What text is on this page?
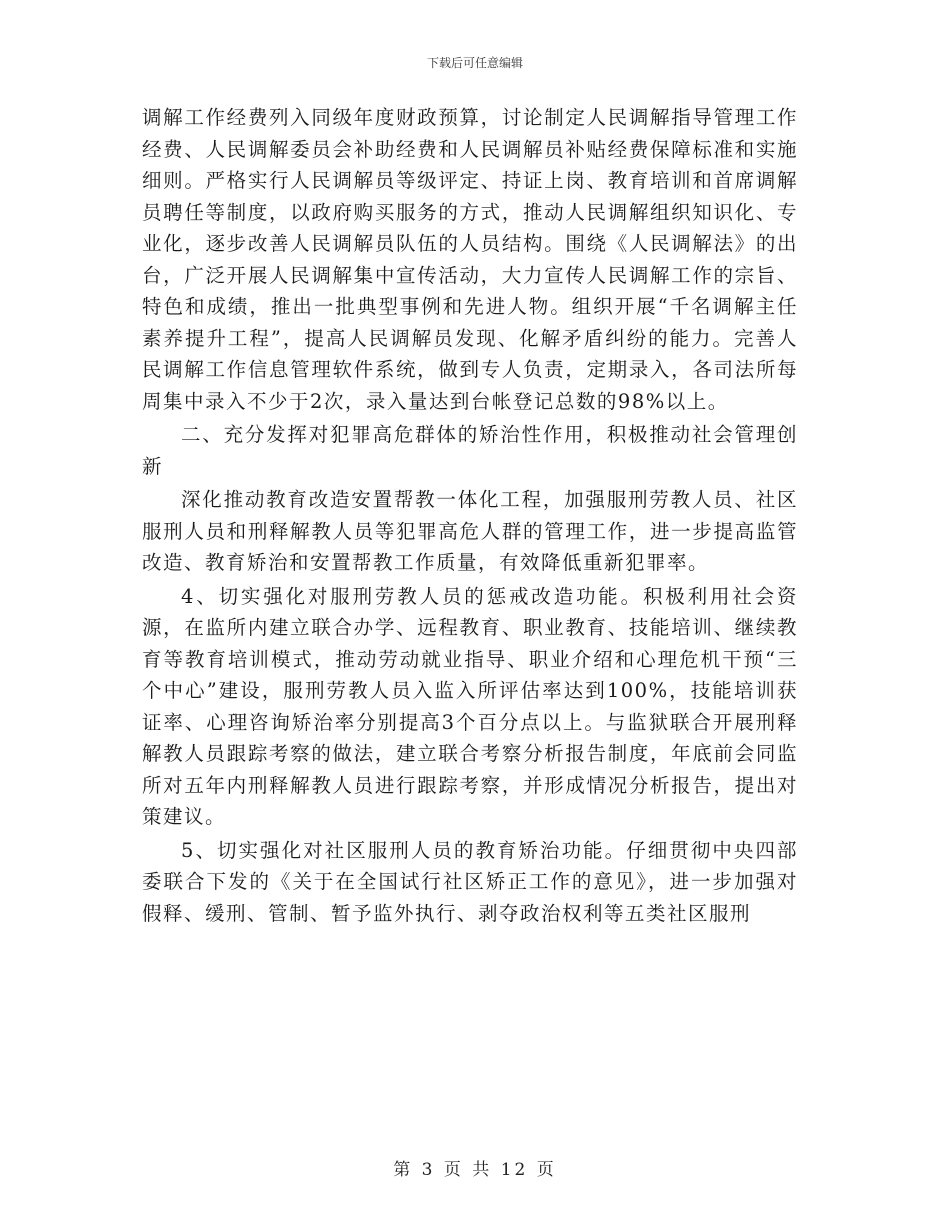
下载后可任意编辑

调解工作经费列入同级年度财政预算，讨论制定人民调解指导管理工作经费、人民调解委员会补助经费和人民调解员补贴经费保障标准和实施细则。严格实行人民调解员等级评定、持证上岗、教育培训和首席调解员聘任等制度，以政府购买服务的方式，推动人民调解组织知识化、专业化，逐步改善人民调解员队伍的人员结构。围绕《人民调解法》的出台，广泛开展人民调解集中宣传活动，大力宣传人民调解工作的宗旨、特色和成绩，推出一批典型事例和先进人物。组织开展“千名调解主任素养提升工程”，提高人民调解员发现、化解矛盾纠纷的能力。完善人民调解工作信息管理软件系统，做到专人负责，定期录入，各司法所每周集中录入不少于2次，录入量达到台帐登记总数的98%以上。

二、充分发挥对犯罪高危群体的矫治性作用，积极推动社会管理创新

深化推动教育改造安置帮教一体化工程，加强服刑劳教人员、社区服刑人员和刑释解教人员等犯罪高危人群的管理工作，进一步提高监管改造、教育矫治和安置帮教工作质量，有效降低重新犯罪率。

4、切实强化对服刑劳教人员的惩戒改造功能。积极利用社会资源，在监所内建立联合办学、远程教育、职业教育、技能培训、继续教育等教育培训模式，推动劳动就业指导、职业介绍和心理危机干预“三个中心”建设，服刑劳教人员入监入所评估率达到100%，技能培训获证率、心理咨询矫治率分别提高3个百分点以上。与监狱联合开展刑释解教人员跟踪考察的做法，建立联合考察分析报告制度，年底前会同监所对五年内刑释解教人员进行跟踪考察，并形成情况分析报告，提出对策建议。

5、切实强化对社区服刑人员的教育矫治功能。仔细贯彻中央四部委联合下发的《关于在全国试行社区矫正工作的意见》，进一步加强对假释、缓刑、管制、暂予监外执行、剥夺政治权利等五类社区服刑

第 3 页 共 12 页
